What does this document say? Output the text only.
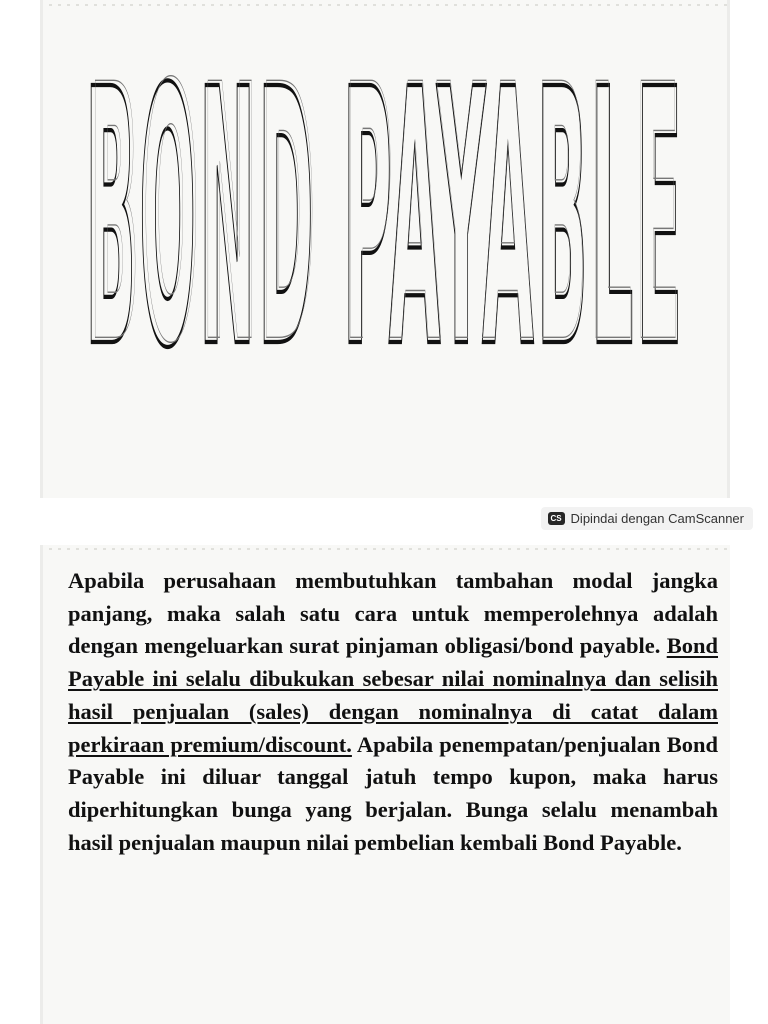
BOND PAYABLE
BOND PAYABLE
CS Dipindai dengan CamScanner

Apabila perusahaan membutuhkan tambahan modal jangka panjang, maka salah satu cara untuk memperolehnya adalah dengan mengeluarkan surat pinjaman obligasi/bond payable. Bond Payable ini selalu dibukukan sebesar nilai nominalnya dan selisih hasil penjualan (sales) dengan nominalnya di catat dalam perkiraan premium/discount. Apabila penempatan/penjualan Bond Payable ini diluar tanggal jatuh tempo kupon, maka harus diperhitungkan bunga yang berjalan. Bunga selalu menambah hasil penjualan maupun nilai pembelian kembali Bond Payable.
